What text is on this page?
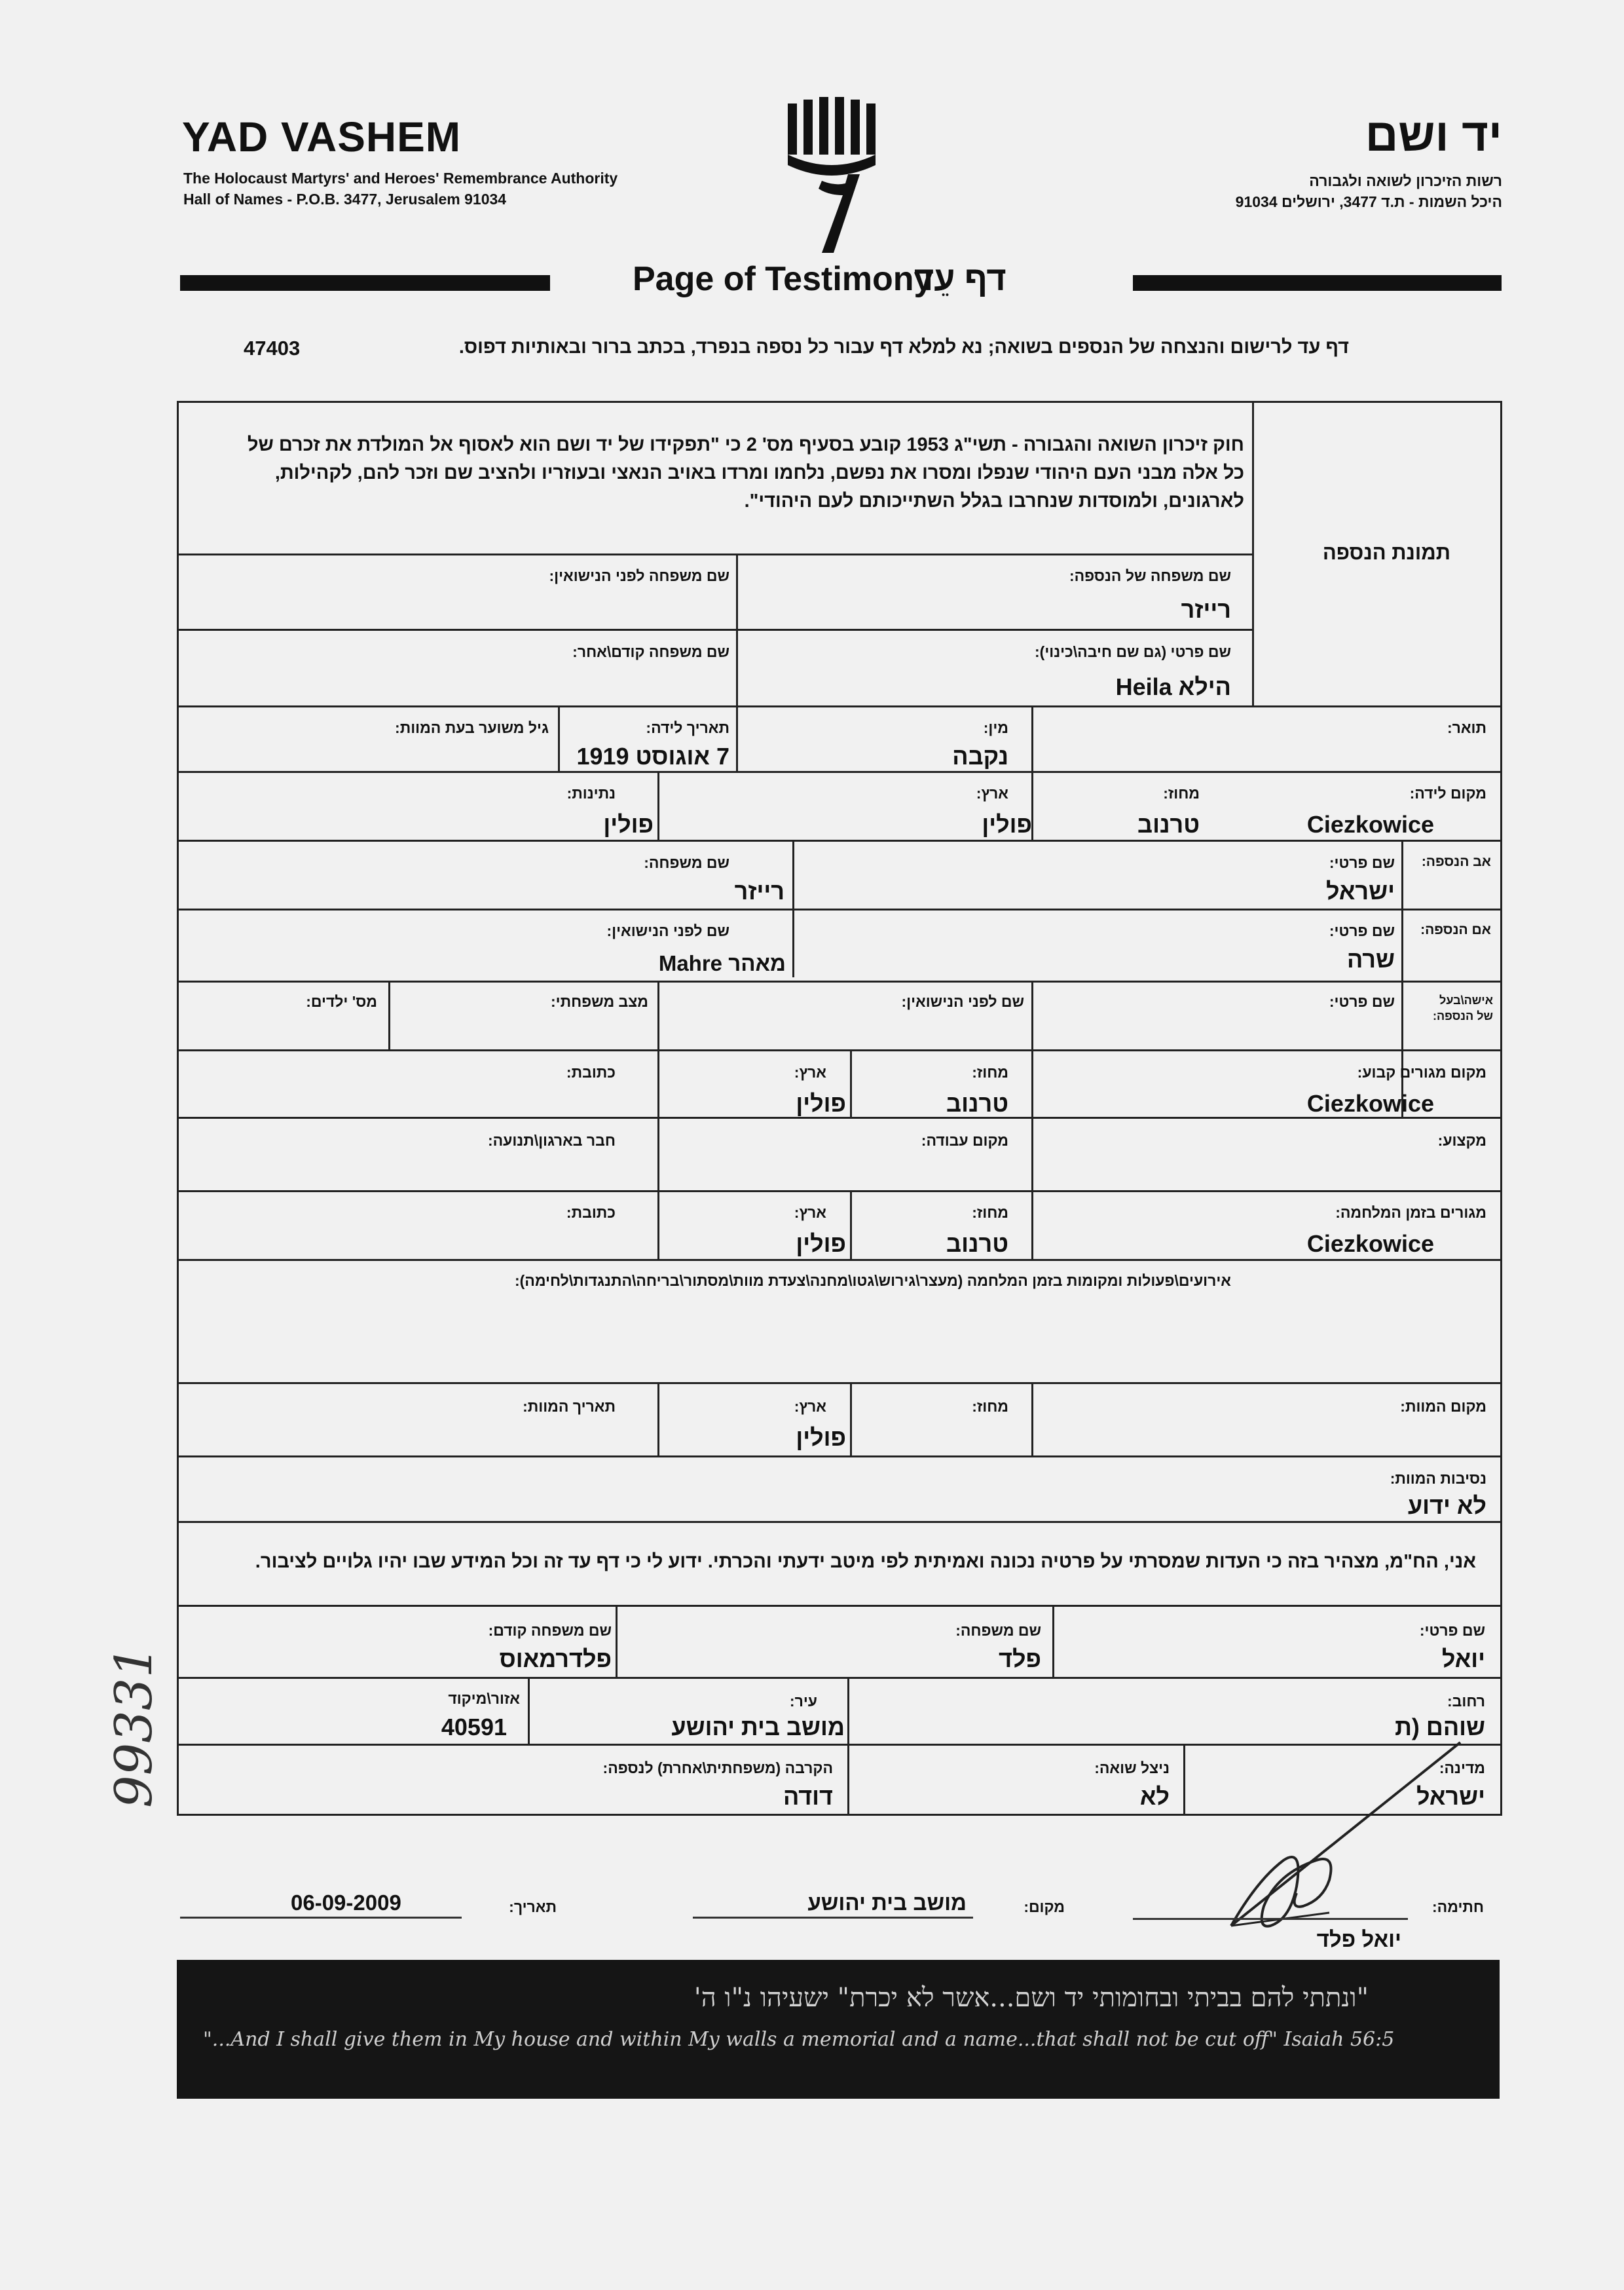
YAD VASHEM
The Holocaust Martyrs' and Heroes' Remembrance Authority
Hall of Names - P.O.B. 3477, Jerusalem 91034
יד ושם
רשות הזיכרון לשואה ולגבורה
היכל השמות - ת.ד 3477, ירושלים 91034
Page of Testimony
דף עֵד
דף עד לרישום והנצחה של הנספים בשואה; נא למלא דף עבור כל נספה בנפרד, בכתב ברור ובאותיות דפוס.
47403
חוק זיכרון השואה והגבורה - תשי"ג 1953 קובע בסעיף מס' 2 כי "תפקידו של יד ושם הוא לאסוף אל המולדת את זכרם של
כל אלה מבני העם היהודי שנפלו ומסרו את נפשם, נלחמו ומרדו באויב הנאצי ובעוזריו ולהציב שם וזכר להם, לקהילות,
לארגונים, ולמוסדות שנחרבו בגלל השתייכותם לעם היהודי".
תמונת הנספה
שם משפחה של הנספה:
רייזר
שם משפחה לפני הנישואין:
שם פרטי (גם שם חיבה\כינוי):
הילא Heila
שם משפחה קודם\אחר:
תואר:
מין:
נקבה
תאריך לידה:
7 אוגוסט 1919
גיל משוער בעת המוות:
מקום לידה:
Ciezkowice
מחוז:
טרנוב
ארץ:
פולין
נתינות:
פולין
אב הנספה:
שם פרטי:
ישראל
שם משפחה:
רייזר
אם הנספה:
שם פרטי:
שרה
שם לפני הנישואין:
מאהר Mahre
אישה\בעל
של הנספה:
שם פרטי:
שם לפני הנישואין:
מצב משפחתי:
מס' ילדים:
מקום מגורים קבוע:
Ciezkowice
מחוז:
טרנוב
ארץ:
פולין
כתובת:
מקצוע:
מקום עבודה:
חבר בארגון\תנועה:
מגורים בזמן המלחמה:
Ciezkowice
מחוז:
טרנוב
ארץ:
פולין
כתובת:
אירועים\פעולות ומקומות בזמן המלחמה (מעצר\גירוש\גטו\מחנה\צעדת מוות\מסתור\בריחה\התנגדות\לחימה):
מקום המוות:
מחוז:
ארץ:
פולין
תאריך המוות:
נסיבות המוות:
לא ידוע
אני, הח"מ, מצהיר בזה כי העדות שמסרתי על פרטיה נכונה ואמיתית לפי מיטב ידעתי והכרתי. ידוע לי כי דף עד זה וכל המידע שבו יהיו גלויים לציבור.
שם פרטי:
יואל
שם משפחה:
פלד
שם משפחה קודם:
פלדרמאוס
רחוב:
שוהם (ת
עיר:
מושב בית יהושע
אזור\מיקוד
40591
מדינה:
ישראל
ניצל שואה:
לא
הקרבה (משפחתית\אחרת) לנספה:
דודה
חתימה:
יואל פלד
מקום:
מושב בית יהושע
תאריך:
06-09-2009
99331
"ונתתי להם בביתי ובחומותי יד ושם...אשר לא יכרת" ישעיהו נ"ו ה'
"...And I shall give them in My house and within My walls a memorial and a name...that shall not be cut off" Isaiah 56:5
